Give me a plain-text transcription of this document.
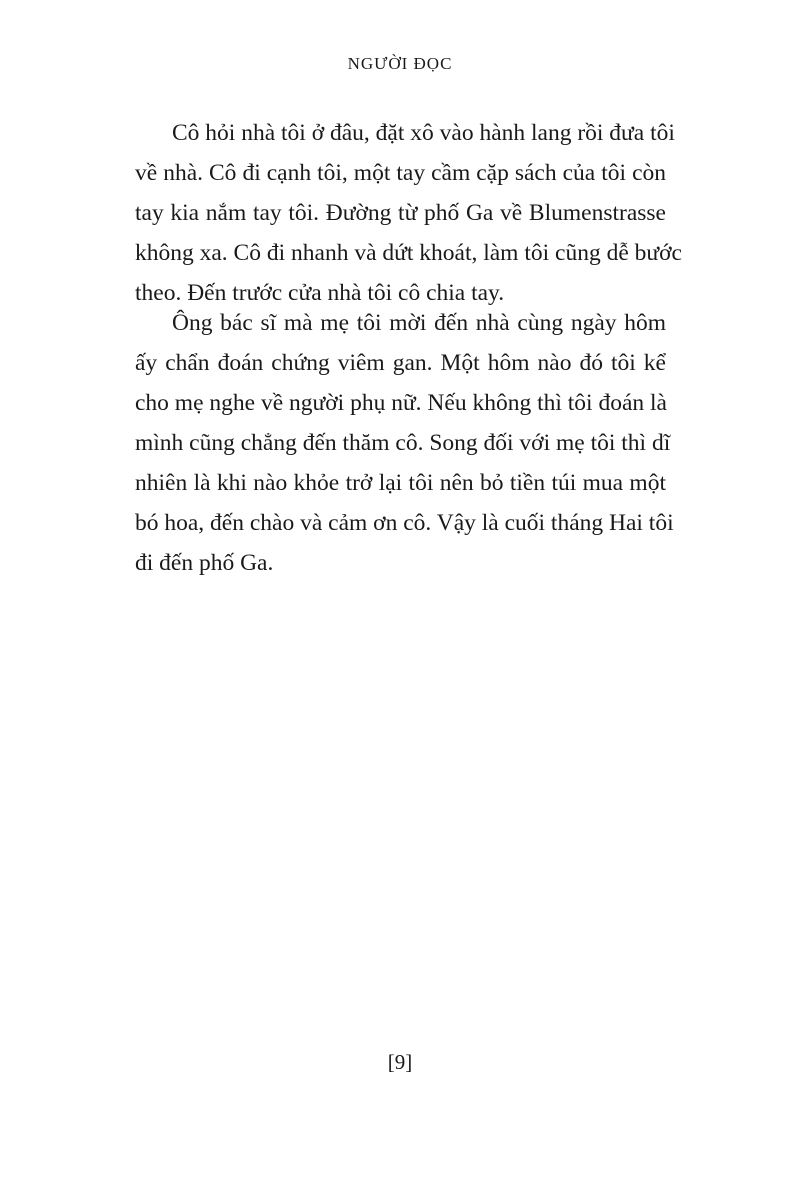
NGƯỜI ĐỌC
Cô hỏi nhà tôi ở đâu, đặt xô vào hành lang rồi đưa tôi
về nhà. Cô đi cạnh tôi, một tay cầm cặp sách của tôi còn
tay kia nắm tay tôi. Đường từ phố Ga về Blumenstrasse
không xa. Cô đi nhanh và dứt khoát, làm tôi cũng dễ bước
theo. Đến trước cửa nhà tôi cô chia tay.
Ông bác sĩ mà mẹ tôi mời đến nhà cùng ngày hôm
ấy chẩn đoán chứng viêm gan. Một hôm nào đó tôi kể
cho mẹ nghe về người phụ nữ. Nếu không thì tôi đoán là
mình cũng chẳng đến thăm cô. Song đối với mẹ tôi thì dĩ
nhiên là khi nào khỏe trở lại tôi nên bỏ tiền túi mua một
bó hoa, đến chào và cảm ơn cô. Vậy là cuối tháng Hai tôi
đi đến phố Ga.
[9]
